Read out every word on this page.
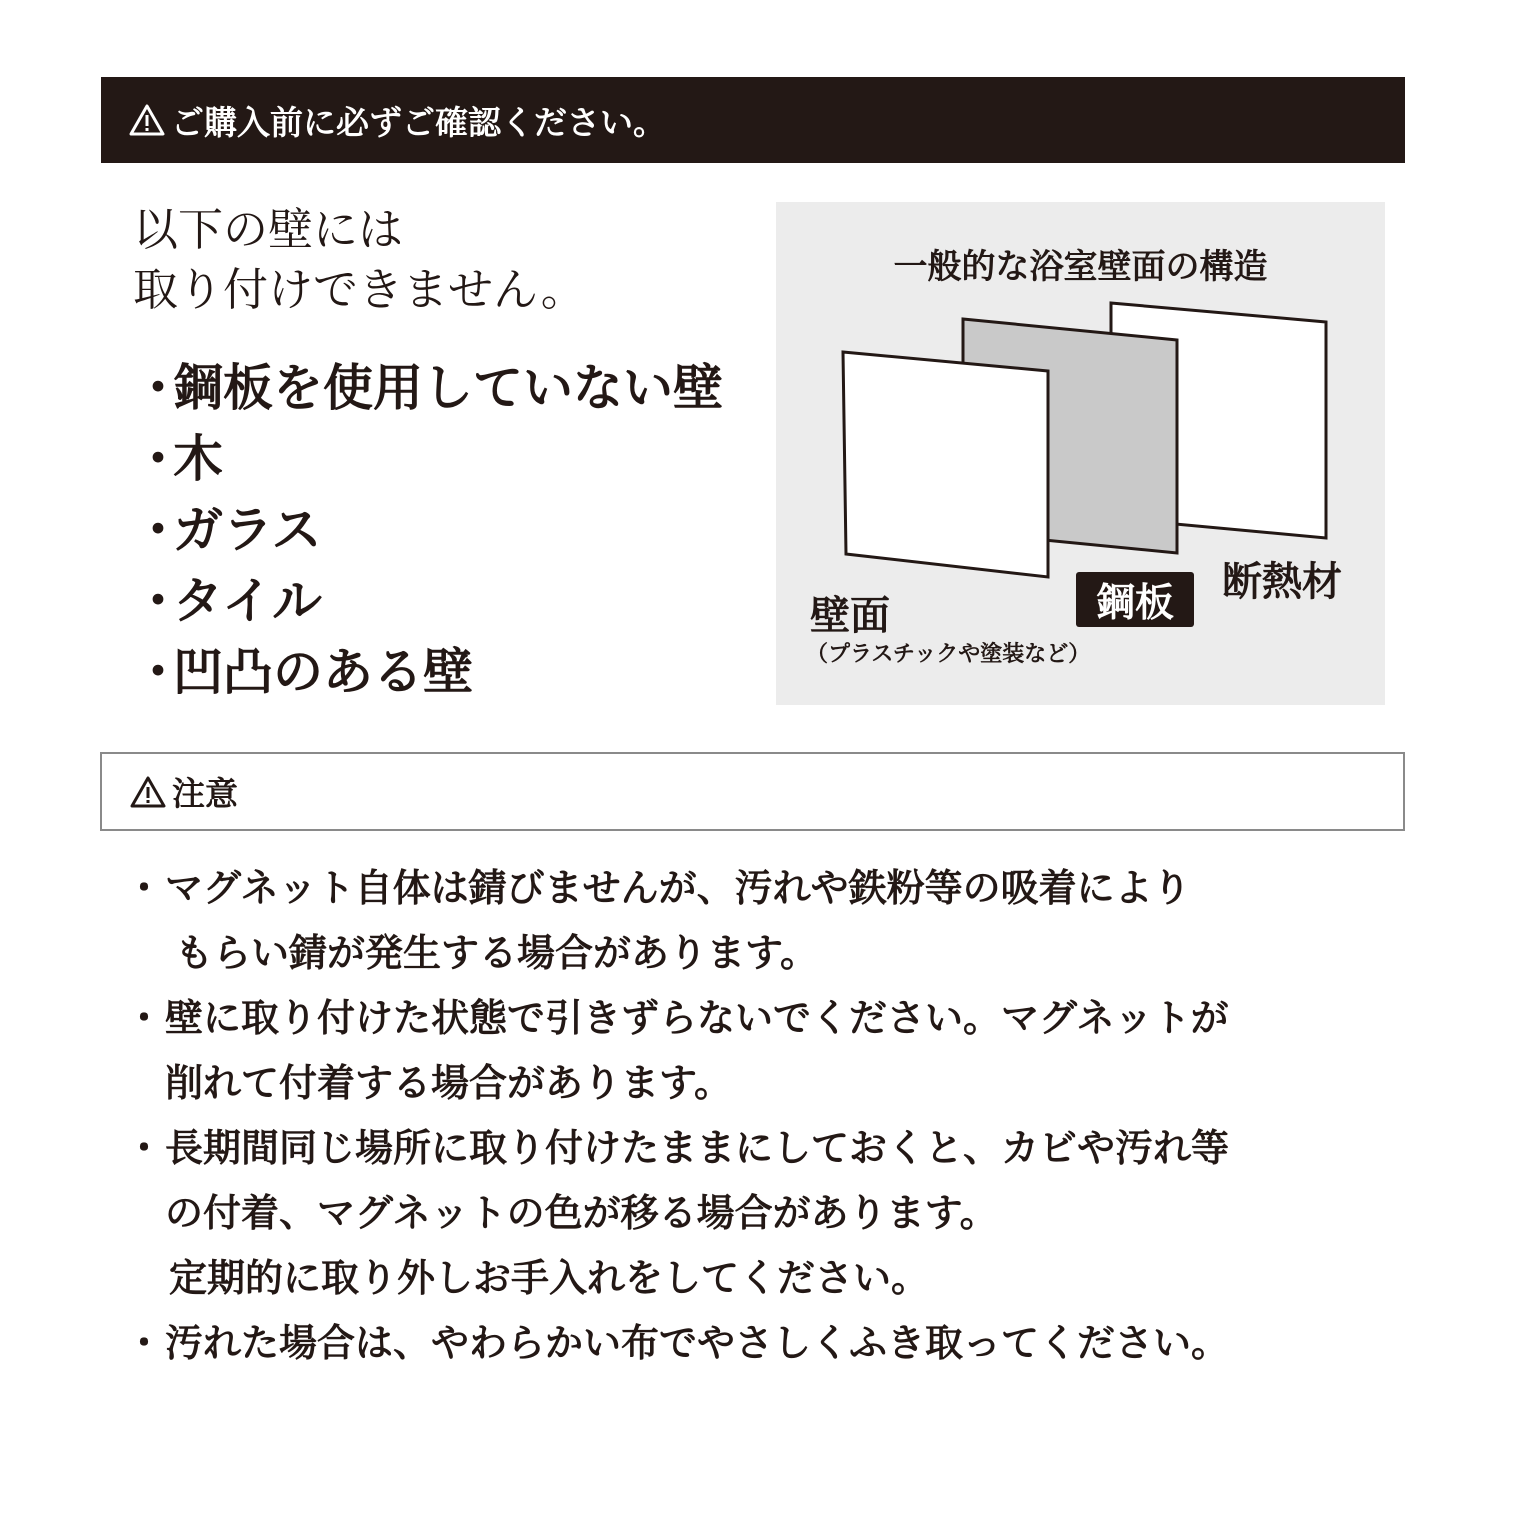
ご購入前に必ずご確認ください。
以下の壁には
取り付けできません。
・
鋼板を使用していない壁
・
木
・
ガラス
・
タイル
・
凹凸のある壁
一般的な浴室壁面の構造
壁面
（プラスチックや塗装など）
鋼板	断熱材
注意
・ マグネット自体は錆びませんが、汚れや鉄粉等の吸着により
もらい錆が発生する場合があります。
・ 壁に取り付けた状態で引きずらないでください。マグネットが
削れて付着する場合があります。
・ 長期間同じ場所に取り付けたままにしておくと、カビや汚れ等
の付着、マグネットの色が移る場合があります。
定期的に取り外しお手入れをしてください。
・ 汚れた場合は、やわらかい布でやさしくふき取ってください。
